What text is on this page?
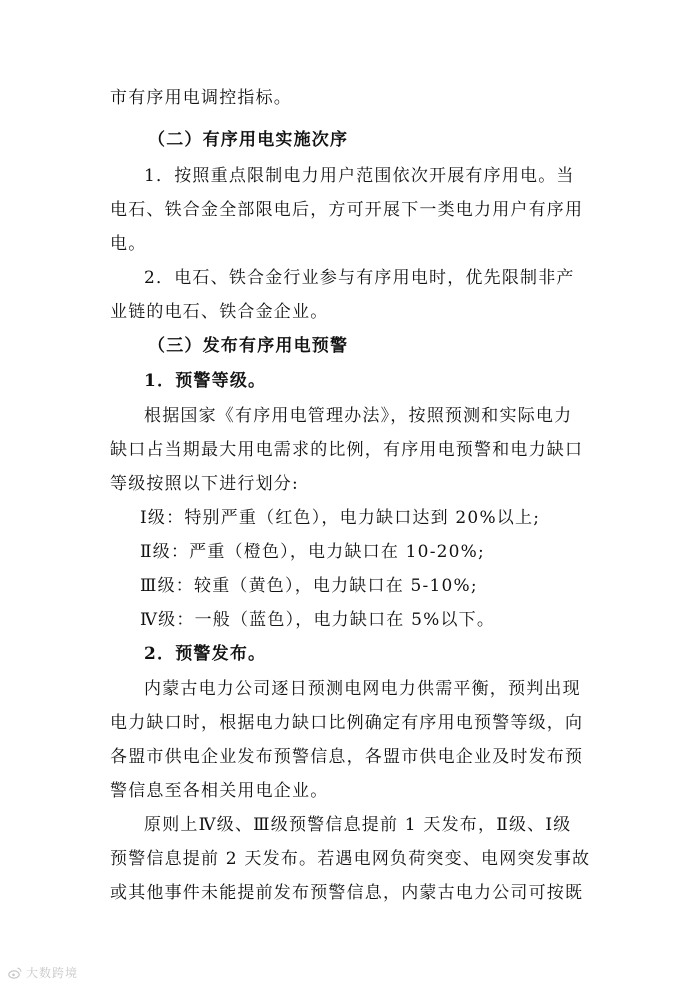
市有序用电调控指标。
（二）有序用电实施次序
1．按照重点限制电力用户范围依次开展有序用电。当
电石、铁合金全部限电后，方可开展下一类电力用户有序用
电。
2．电石、铁合金行业参与有序用电时，优先限制非产
业链的电石、铁合金企业。
（三）发布有序用电预警
1．预警等级。
根据国家《有序用电管理办法》，按照预测和实际电力
缺口占当期最大用电需求的比例，有序用电预警和电力缺口
等级按照以下进行划分:
Ⅰ级：特别严重（红色），电力缺口达到 20%以上;
Ⅱ级：严重（橙色），电力缺口在 10-20%;
Ⅲ级：较重（黄色），电力缺口在 5-10%;
Ⅳ级：一般（蓝色），电力缺口在 5%以下。
2．预警发布。
内蒙古电力公司逐日预测电网电力供需平衡，预判出现
电力缺口时，根据电力缺口比例确定有序用电预警等级，向
各盟市供电企业发布预警信息，各盟市供电企业及时发布预
警信息至各相关用电企业。
原则上Ⅳ级、Ⅲ级预警信息提前 1 天发布，Ⅱ级、Ⅰ级
预警信息提前 2 天发布。若遇电网负荷突变、电网突发事故
或其他事件未能提前发布预警信息，内蒙古电力公司可按既
大数跨境
